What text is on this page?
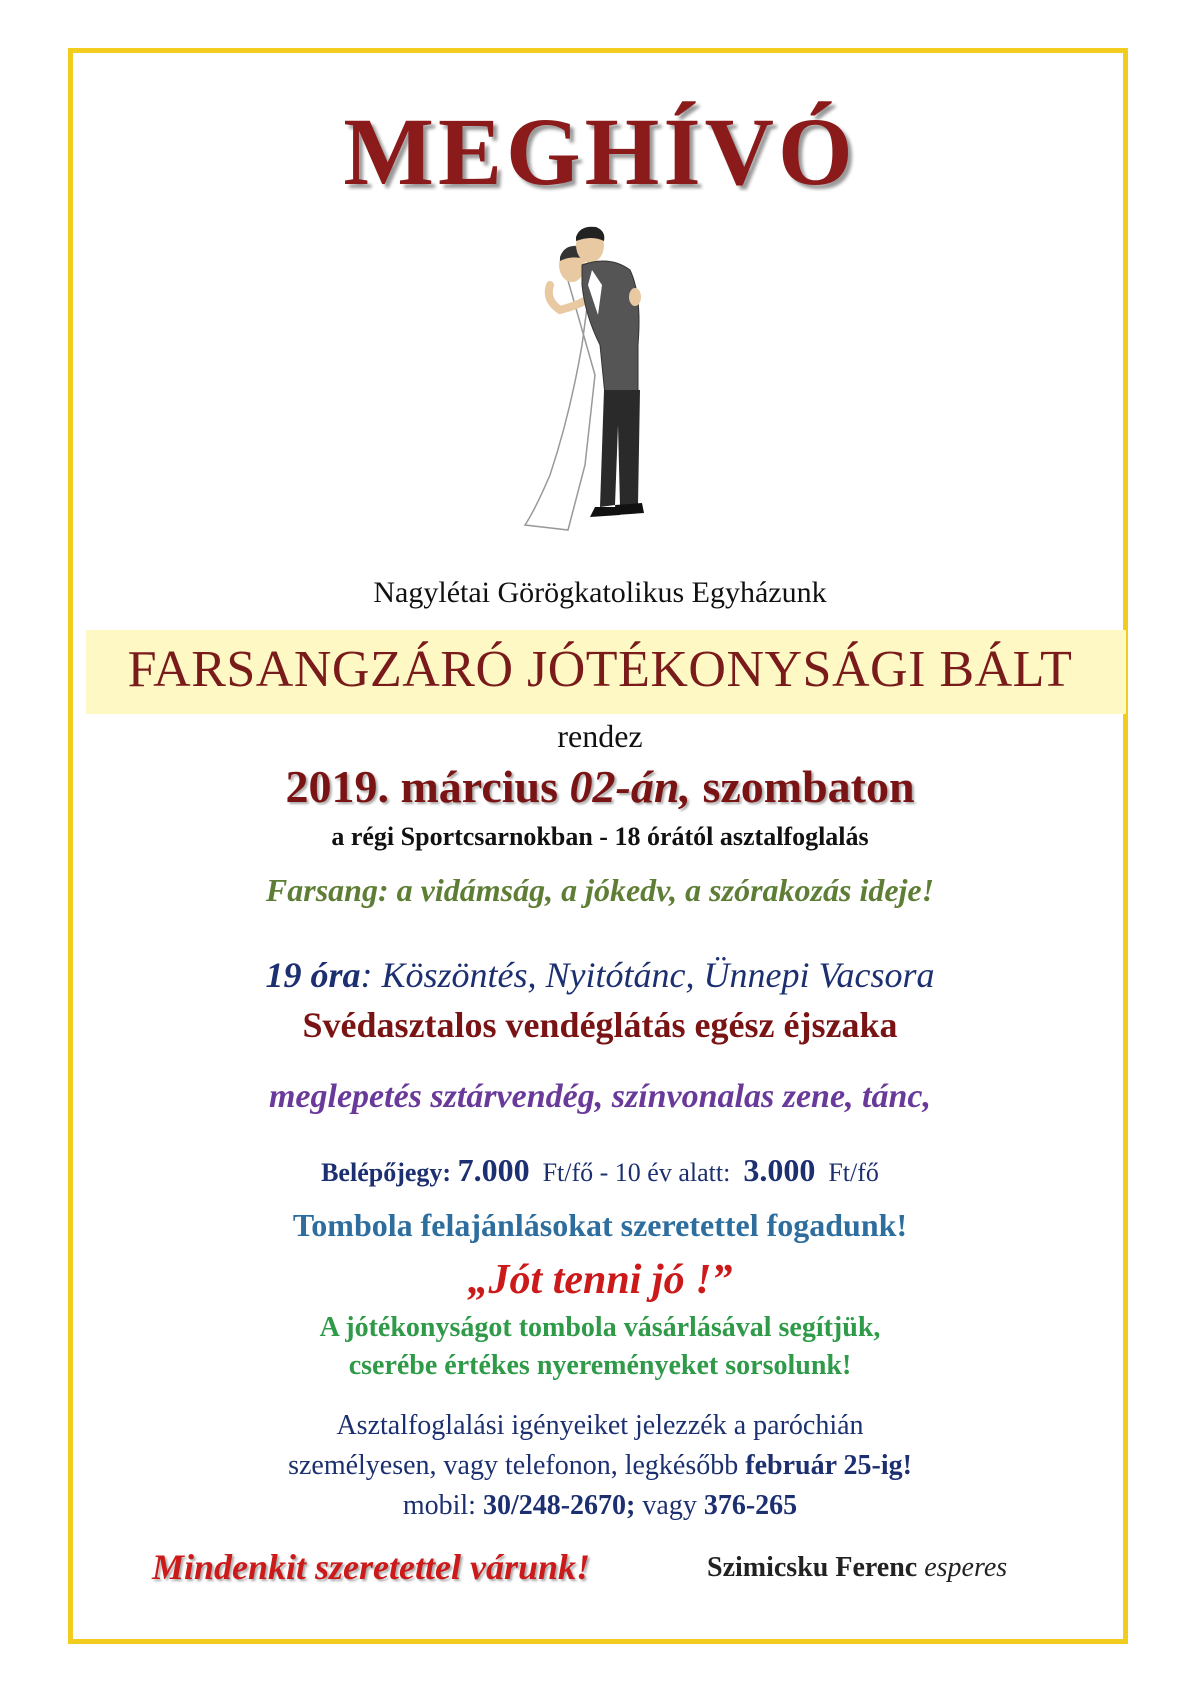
MEGHÍVÓ
Nagylétai Görögkatolikus Egyházunk
FARSANGZÁRÓ JÓTÉKONYSÁGI BÁLT
rendez
2019. március 02-án, szombaton
a régi Sportcsarnokban - 18 órától asztalfoglalás
Farsang: a vidámság, a jókedv, a szórakozás ideje!
19 óra: Köszöntés, Nyitótánc, Ünnepi Vacsora
Svédasztalos vendéglátás egész éjszaka
meglepetés sztárvendég, színvonalas zene, tánc,
Belépőjegy: 7.000 Ft/fő - 10 év alatt: 3.000 Ft/fő
Tombola felajánlásokat szeretettel fogadunk!
„Jót tenni jó !”
A jótékonyságot tombola vásárlásával segítjük,
cserébe értékes nyereményeket sorsolunk!
Asztalfoglalási igényeiket jelezzék a paróchián
személyesen, vagy telefonon, legkésőbb február 25-ig!
mobil: 30/248-2670; vagy 376-265
Mindenkit szeretettel várunk!	Szimicsku Ferenc esperes
